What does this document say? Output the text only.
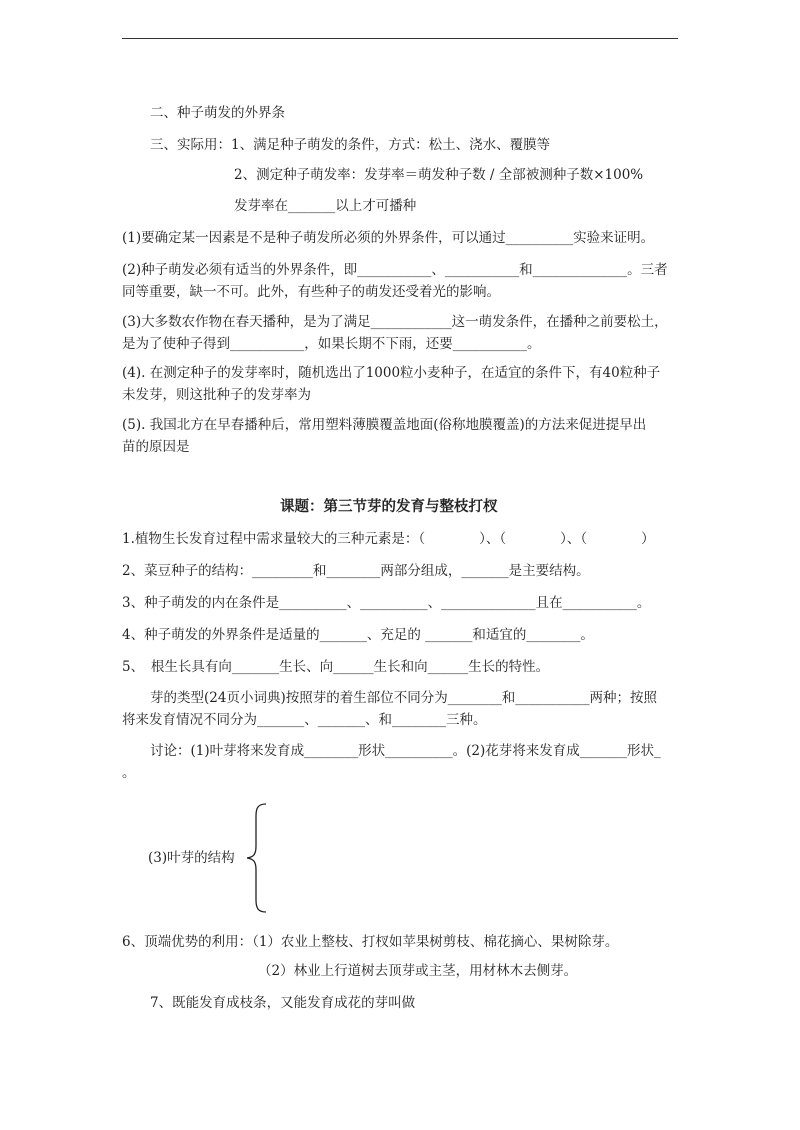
二、种子萌发的外界条
三、实际用：1、满足种子萌发的条件，方式：松土、浇水、覆膜等
2、测定种子萌发率：发芽率＝萌发种子数 / 全部被测种子数×100%
发芽率在_______以上才可播种
(1)要确定某一因素是不是种子萌发所必须的外界条件，可以通过__________实验来证明。
(2)种子萌发必须有适当的外界条件，即___________、___________和______________。三者
同等重要，缺一不可。此外，有些种子的萌发还受着光的影响。
(3)大多数农作物在春天播种，是为了满足____________这一萌发条件，在播种之前要松土，
是为了使种子得到___________，如果长期不下雨，还要___________。
(4). 在测定种子的发芽率时，随机选出了1000粒小麦种子，在适宜的条件下，有40粒种子
未发芽，则这批种子的发芽率为
(5). 我国北方在早春播种后，常用塑料薄膜覆盖地面(俗称地膜覆盖)的方法来促进提早出
苗的原因是
课题：第三节芽的发育与整枝打杈
1.植物生长发育过程中需求量较大的三种元素是：（　　　　）、（　　　　）、（　　　　）
2、菜豆种子的结构：_________和________两部分组成，_______是主要结构。
3、种子萌发的内在条件是__________、__________、______________且在___________。
4、种子萌发的外界条件是适量的_______、充足的 _______和适宜的________。
5、　根生长具有向_______生长、向______生长和向______生长的特性。
芽的类型(24页小词典)按照芽的着生部位不同分为________和___________两种；按照
将来发育情况不同分为_______、_______、和________三种。
讨论：(1)叶芽将来发育成________形状__________。(2)花芽将来发育成_______形状_
。
(3)叶芽的结构
6、顶端优势的利用：（1）农业上整枝、打杈如苹果树剪枝、棉花摘心、果树除芽。
（2）林业上行道树去顶芽或主茎，用材林木去侧芽。
7、既能发育成枝条，又能发育成花的芽叫做
